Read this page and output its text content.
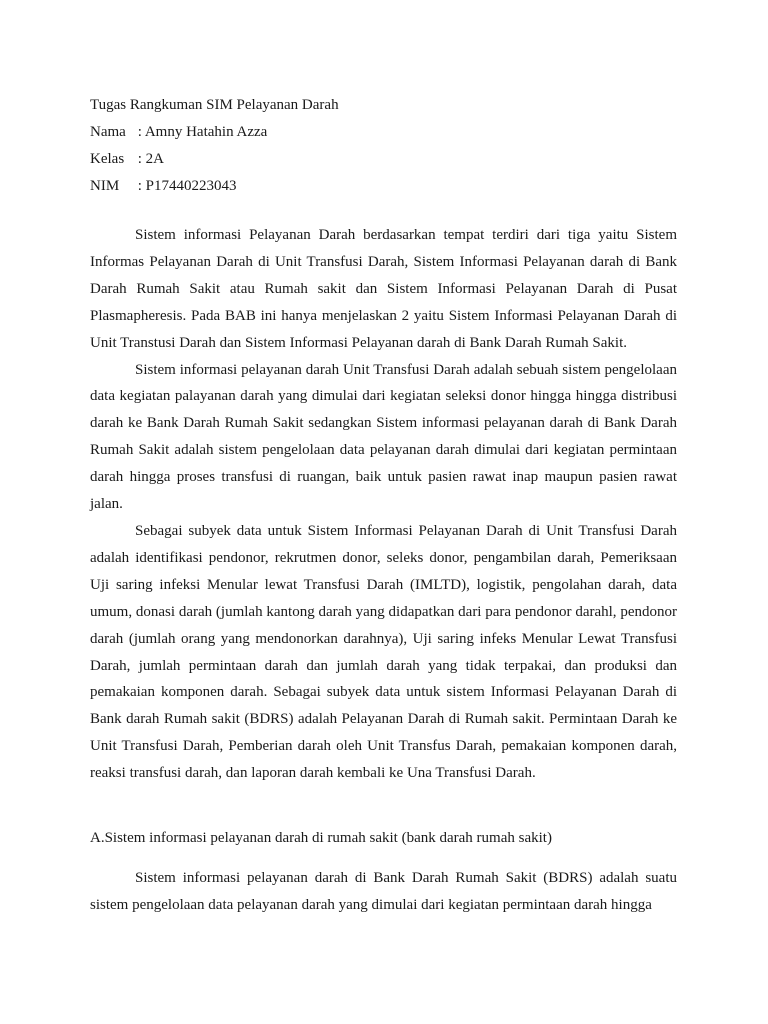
Tugas Rangkuman SIM Pelayanan Darah
Nama : Amny Hatahin Azza
Kelas : 2A
NIM : P17440223043

Sistem informasi Pelayanan Darah berdasarkan tempat terdiri dari tiga yaitu Sistem Informas Pelayanan Darah di Unit Transfusi Darah, Sistem Informasi Pelayanan darah di Bank Darah Rumah Sakit atau Rumah sakit dan Sistem Informasi Pelayanan Darah di Pusat Plasmapheresis. Pada BAB ini hanya menjelaskan 2 yaitu Sistem Informasi Pelayanan Darah di Unit Transtusi Darah dan Sistem Informasi Pelayanan darah di Bank Darah Rumah Sakit.

Sistem informasi pelayanan darah Unit Transfusi Darah adalah sebuah sistem pengelolaan data kegiatan palayanan darah yang dimulai dari kegiatan seleksi donor hingga hingga distribusi darah ke Bank Darah Rumah Sakit sedangkan Sistem informasi pelayanan darah di Bank Darah Rumah Sakit adalah sistem pengelolaan data pelayanan darah dimulai dari kegiatan permintaan darah hingga proses transfusi di ruangan, baik untuk pasien rawat inap maupun pasien rawat jalan.

Sebagai subyek data untuk Sistem Informasi Pelayanan Darah di Unit Transfusi Darah adalah identifikasi pendonor, rekrutmen donor, seleks donor, pengambilan darah, Pemeriksaan Uji saring infeksi Menular lewat Transfusi Darah (IMLTD), logistik, pengolahan darah, data umum, donasi darah (jumlah kantong darah yang didapatkan dari para pendonor darahl, pendonor darah (jumlah orang yang mendonorkan darahnya), Uji saring infeks Menular Lewat Transfusi Darah, jumlah permintaan darah dan jumlah darah yang tidak terpakai, dan produksi dan pemakaian komponen darah. Sebagai subyek data untuk sistem Informasi Pelayanan Darah di Bank darah Rumah sakit (BDRS) adalah Pelayanan Darah di Rumah sakit. Permintaan Darah ke Unit Transfusi Darah, Pemberian darah oleh Unit Transfus Darah, pemakaian komponen darah, reaksi transfusi darah, dan laporan darah kembali ke Una Transfusi Darah.

A.Sistem informasi pelayanan darah di rumah sakit (bank darah rumah sakit)

Sistem informasi pelayanan darah di Bank Darah Rumah Sakit (BDRS) adalah suatu sistem pengelolaan data pelayanan darah yang dimulai dari kegiatan permintaan darah hingga
